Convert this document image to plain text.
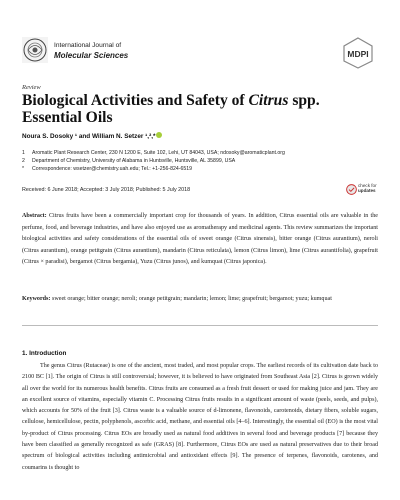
International Journal of
Molecular Sciences	MDPI
Review
Biological Activities and Safety of Citrus spp. Essential Oils
Noura S. Dosoky ¹ and William N. Setzer ¹,²,*
1 Aromatic Plant Research Center, 230 N 1200 E, Suite 102, Lehi, UT 84043, USA; ndosoky@aromaticplant.org
2 Department of Chemistry, University of Alabama in Huntsville, Huntsville, AL 35899, USA
* Correspondence: wsetzer@chemistry.uah.edu; Tel.: +1-256-824-6519
check for
updates
Received: 6 June 2018; Accepted: 3 July 2018; Published: 5 July 2018
Abstract: Citrus fruits have been a commercially important crop for thousands of years. In addition, Citrus essential oils are valuable in the perfume, food, and beverage industries, and have also enjoyed use as aromatherapy and medicinal agents. This review summarizes the important biological activities and safety considerations of the essential oils of sweet orange (Citrus sinensis), bitter orange (Citrus aurantium), neroli (Citrus aurantium), orange petitgrain (Citrus aurantium), mandarin (Citrus reticulata), lemon (Citrus limon), lime (Citrus aurantifolia), grapefruit (Citrus × paradisi), bergamot (Citrus bergamia), Yuzu (Citrus junos), and kumquat (Citrus japonica).
Keywords: sweet orange; bitter orange; neroli; orange petitgrain; mandarin; lemon; lime; grapefruit; bergamot; yuzu; kumquat
1. Introduction
The genus Citrus (Rutaceae) is one of the ancient, most traded, and most popular crops. The earliest records of its cultivation date back to 2100 BC [1]. The origin of Citrus is still controversial; however, it is believed to have originated from Southeast Asia [2]. Citrus is grown widely all over the world for its numerous health benefits. Citrus fruits are consumed as a fresh fruit dessert or used for making juice and jam. They are an excellent source of vitamins, especially vitamin C. Processing Citrus fruits results in a significant amount of waste (peels, seeds, and pulps), which accounts for 50% of the fruit [3]. Citrus waste is a valuable source of d-limonene, flavonoids, carotenoids, dietary fibers, soluble sugars, cellulose, hemicellulose, pectin, polyphenols, ascorbic acid, methane, and essential oils [4–6]. Interestingly, the essential oil (EO) is the most vital by-product of Citrus processing. Citrus EOs are broadly used as natural food additives in several food and beverage products [7] because they have been classified as generally recognized as safe (GRAS) [8]. Furthermore, Citrus EOs are used as natural preservatives due to their broad spectrum of biological activities including antimicrobial and antioxidant effects [9]. The presence of terpenes, flavonoids, carotenes, and coumarins is thought to
